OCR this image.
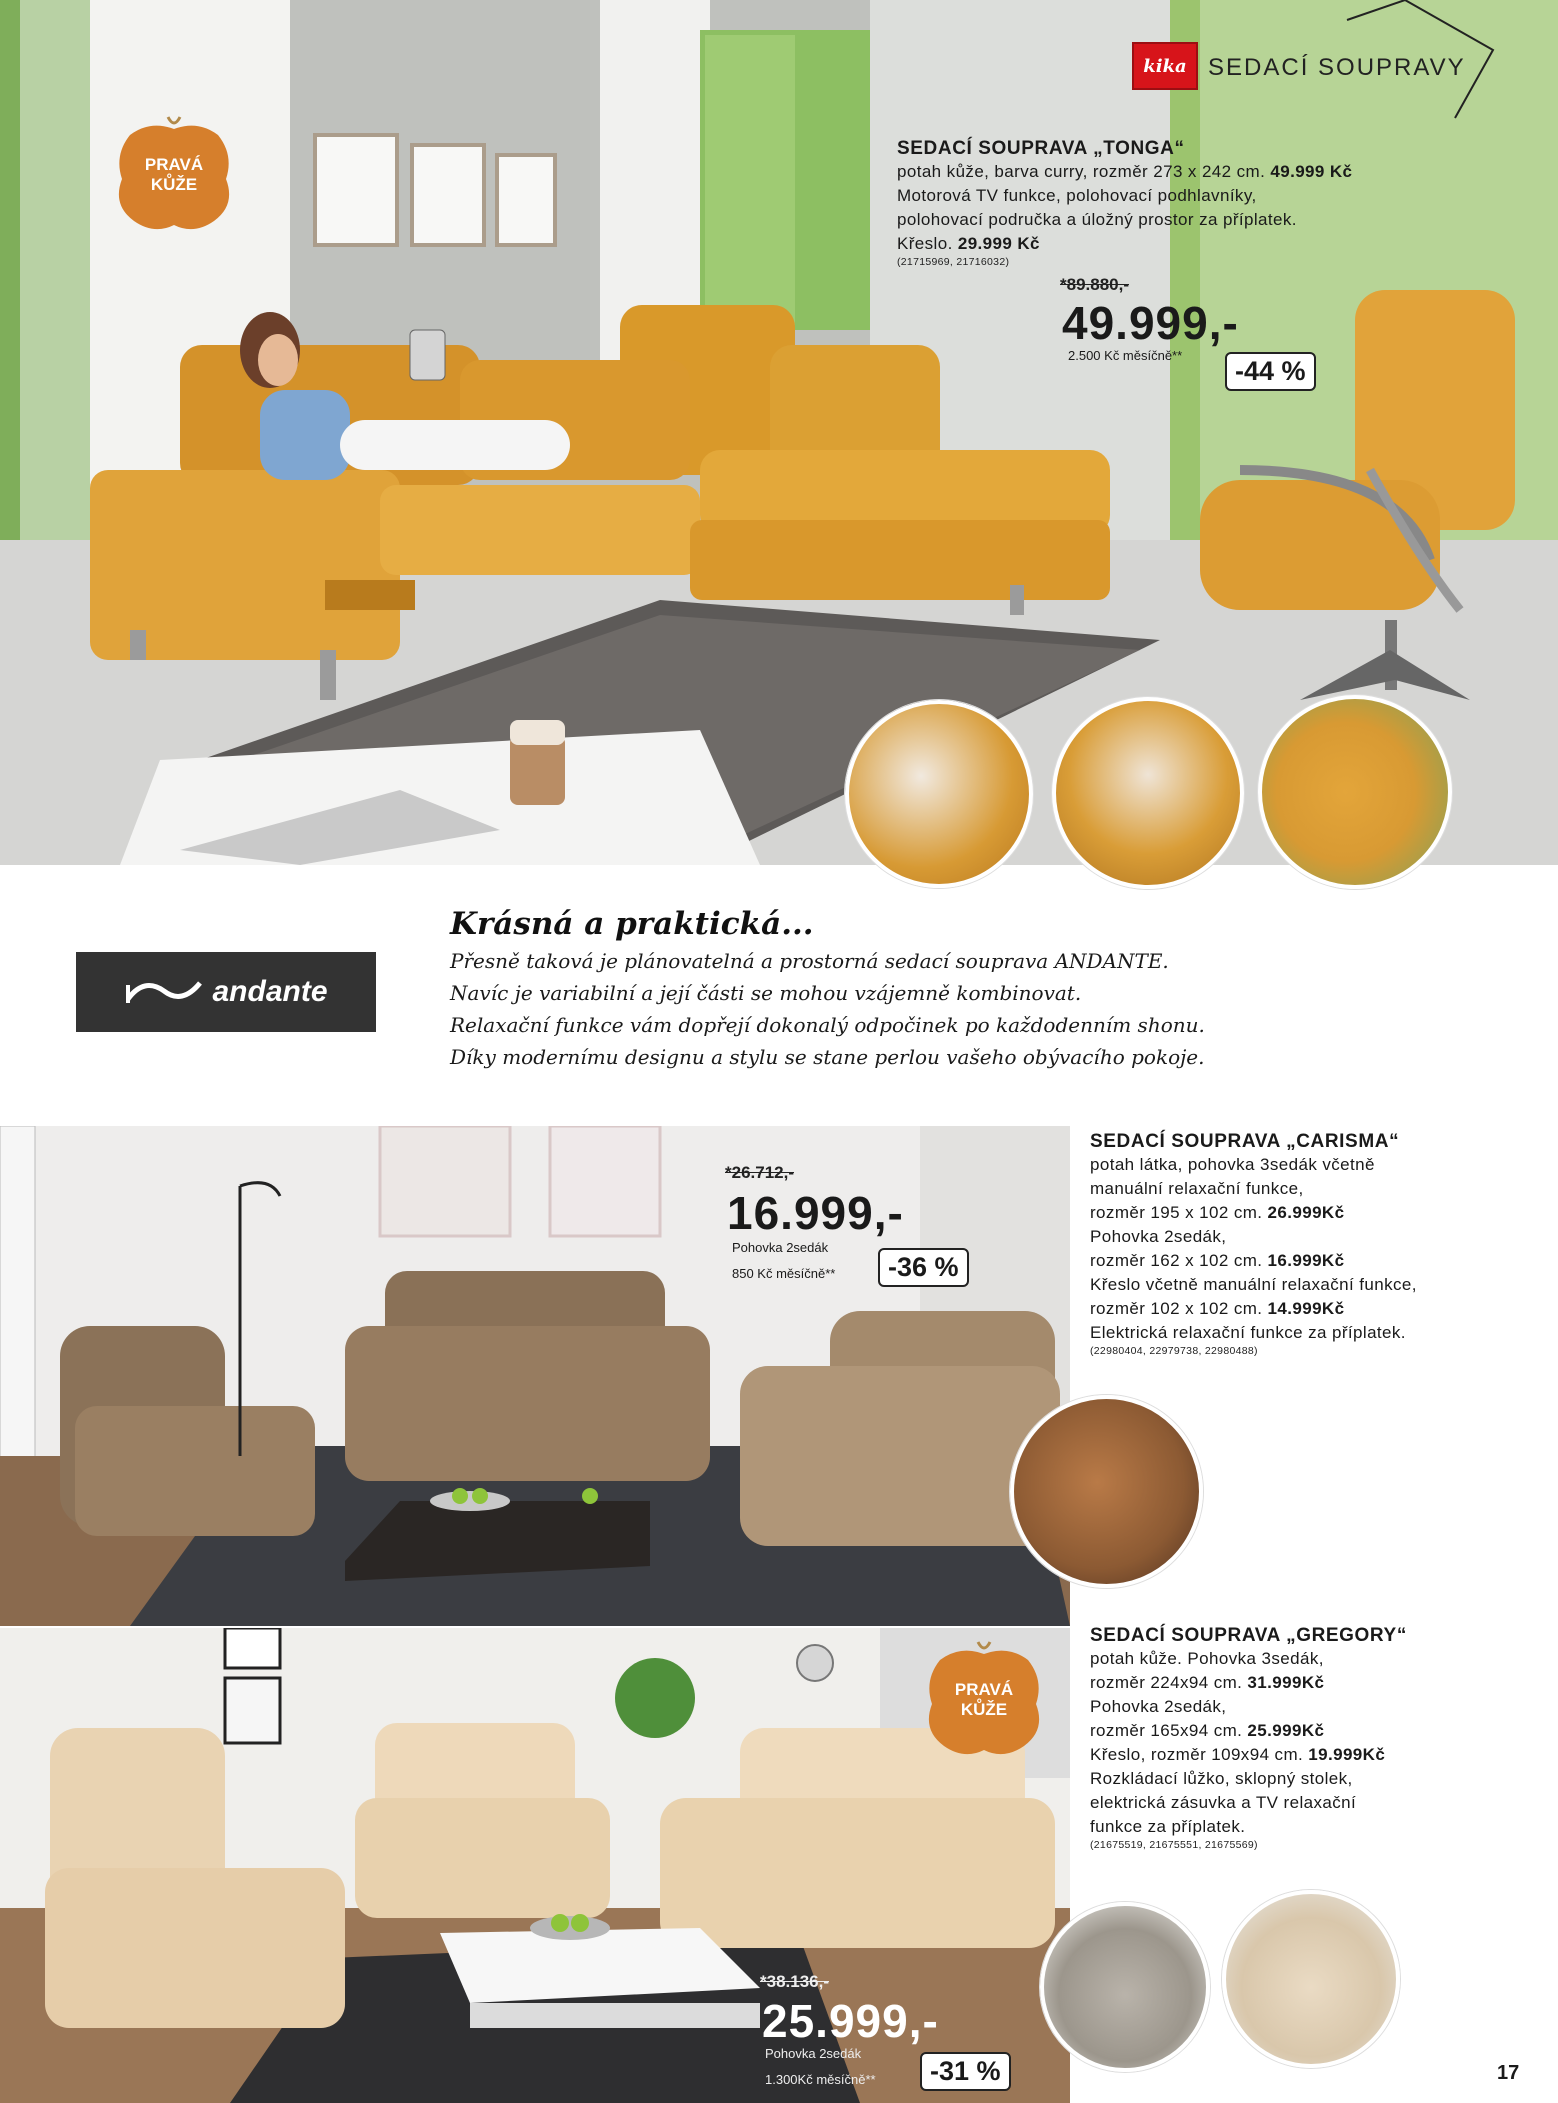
kika SEDACÍ SOUPRAVY
PRAVÁ
KŮŽE
SEDACÍ SOUPRAVA „TONGA“
potah kůže, barva curry, rozměr 273 x 242 cm. 49.999 Kč
Motorová TV funkce, polohovací podhlavníky,
polohovací područka a úložný prostor za příplatek.
Křeslo. 29.999 Kč
(21715969, 21716032)
*89.880,-
49.999,-
2.500 Kč měsíčně**
-44 %
andante
Krásná a praktická...
Přesně taková je plánovatelná a prostorná sedací souprava ANDANTE.
Navíc je variabilní a její části se mohou vzájemně kombinovat.
Relaxační funkce vám dopřejí dokonalý odpočinek po každodenním shonu.
Díky modernímu designu a stylu se stane perlou vašeho obývacího pokoje.
*26.712,-
16.999,-
Pohovka 2sedák
850 Kč měsíčně**	-36 %
SEDACÍ SOUPRAVA „CARISMA“
potah látka, pohovka 3sedák včetně
manuální relaxační funkce,
rozměr 195 x 102 cm. 26.999Kč
Pohovka 2sedák,
rozměr 162 x 102 cm. 16.999Kč
Křeslo včetně manuální relaxační funkce,
rozměr 102 x 102 cm. 14.999Kč
Elektrická relaxační funkce za příplatek.
(22980404, 22979738, 22980488)
PRAVÁ
KŮŽE
*38.136,-
25.999,-
Pohovka 2sedák
1.300Kč měsíčně**	-31 %
SEDACÍ SOUPRAVA „GREGORY“
potah kůže. Pohovka 3sedák,
rozměr 224x94 cm. 31.999Kč
Pohovka 2sedák,
rozměr 165x94 cm. 25.999Kč
Křeslo, rozměr 109x94 cm. 19.999Kč
Rozkládací lůžko, sklopný stolek,
elektrická zásuvka a TV relaxační
funkce za příplatek.
(21675519, 21675551, 21675569)
17
